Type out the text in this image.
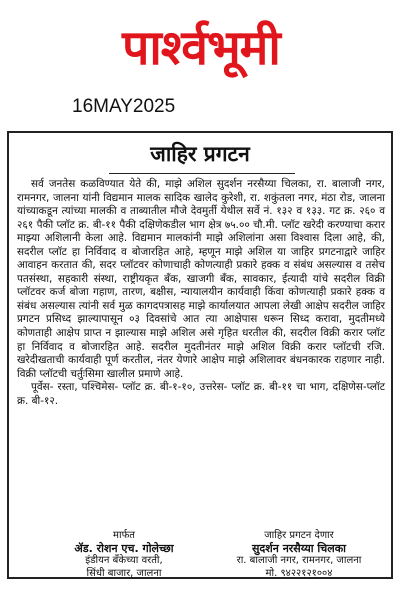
पार्श्वभूमी
16MAY2025
जाहिर प्रगटन

सर्व जनतेस कळविण्यात येते की, माझे अशिल सुदर्शन नरसैय्या चिलका, रा. बालाजी नगर, रामनगर, जालना यांनी विद्यमान मालक सादिक खालेद कुरेशी, रा. शकुंतला नगर, मंठा रोड, जालना यांच्याकडून त्यांच्या मालकी व ताब्यातील मौजे देवमुर्ती येथील सर्वे नं. १३२ व १३३. गट क्र. २६० व २६१ पैकी प्लॉट क्र. बी-११ पैकी दक्षिणेकडील भाग क्षेत्र ७५.०० चौ.मी. प्लॉट खरेदी करण्याचा करार माझ्या अशिलानी केला आहे. विद्यमान मालकांनी माझे अशिलांना असा विश्वास दिला आहे, की, सदरील प्लॉट हा निर्विवाद व बोजारहित आहे, म्हणून माझे अशिल या जाहिर प्रगटनाद्वारे जाहिर आवाहन करतात की, सदर प्लॉटवर कोणाचाही कोणत्याही प्रकारे हक्क व संबंध असल्यास व तसेच पतसंस्था, सहकारी संस्था, राष्ट्रीयकृत बँक, खाजगी बँक, सावकार, ईत्यादी यांचे सदरील विक्री प्लॉटवर कर्ज बोजा गहाण, तारण, बक्षीस, न्यायालयीन कार्यवाही किंवा कोणत्याही प्रकारे हक्क व संबंध असल्यास त्यांनी सर्व मुळ कागदपत्रासह माझे कार्यालयात आपला लेखी आक्षेप सदरील जाहिर प्रगटन प्रसिध्द झाल्यापासून ०३ दिवसांचे आत त्या आक्षेपास धरून सिध्द करावा, मुदतीमध्ये कोणताही आक्षेप प्राप्त न झाल्यास माझे अशिल असे गृहित धरतील की, सदरील विक्री करार प्लॉट हा निर्विवाद व बोजारहित आहे. सदरील मुदतीनंतर माझे अशिल विक्री करार प्लॉटची रजि. खरेदीखताची कार्यवाही पूर्ण करतील, नंतर येणारे आक्षेप माझे अशिलावर बंधनकारक राहणार नाही. विक्री प्लॉटची चर्तुःसिमा खालील प्रमाणे आहे.

पूर्वेस- रस्ता, पश्चिमेस- प्लॉट क्र. बी-१-१०, उत्तरेस- प्लॉट क्र. बी-११ चा भाग, दक्षिणेस-प्लॉट क्र. बी-१२.

मार्फत
ॲड. रोशन एच. गोलेच्छा
इंडीयन बँकेच्या वरती,
सिंधी बाजार, जालना
जाहिर प्रगटन देणार
सुदर्शन नरसैय्या चिलका
रा. बालाजी नगर, रामनगर, जालना
मो. ९४२२१२१००४
